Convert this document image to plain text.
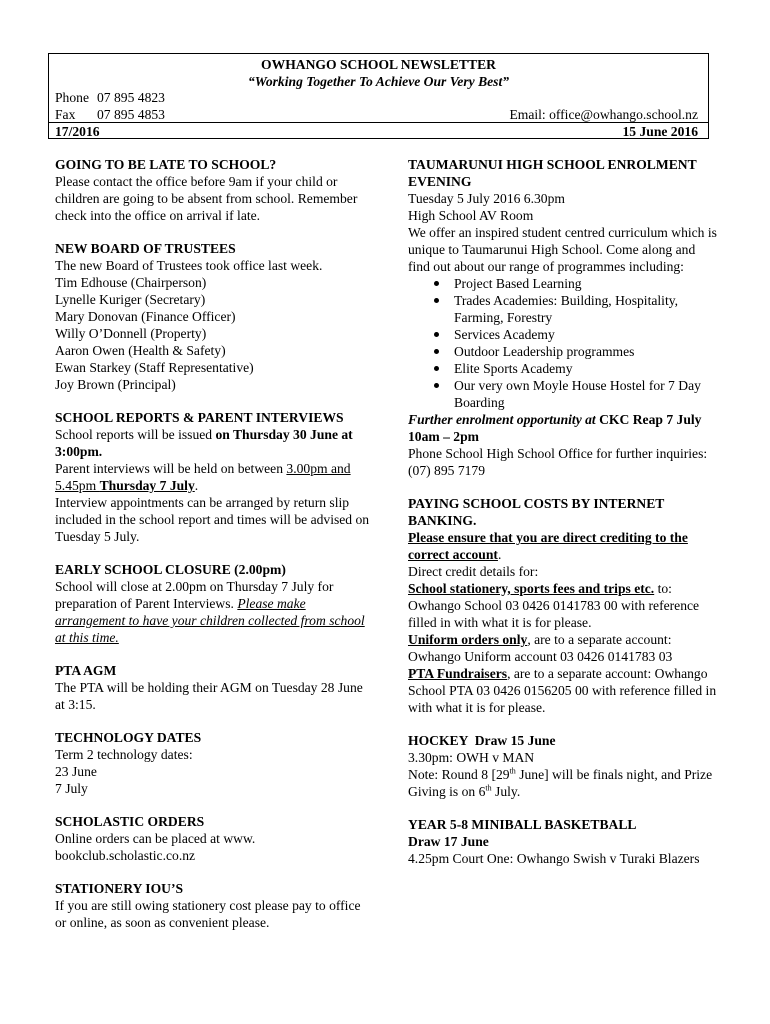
OWHANGO SCHOOL NEWSLETTER
“Working Together To Achieve Our Very Best”
Phone 07 895 4823
Fax 07 895 4853	Email: office@owhango.school.nz
17/2016	15 June 2016
GOING TO BE LATE TO SCHOOL?

Please contact the office before 9am if your child or children are going to be absent from school. Remember check into the office on arrival if late.

NEW BOARD OF TRUSTEES

The new Board of Trustees took office last week.

Tim Edhouse (Chairperson)

Lynelle Kuriger (Secretary)

Mary Donovan (Finance Officer)

Willy O’Donnell (Property)

Aaron Owen (Health & Safety)

Ewan Starkey (Staff Representative)

Joy Brown (Principal)

SCHOOL REPORTS & PARENT INTERVIEWS

School reports will be issued on Thursday 30 June at 3:00pm.

Parent interviews will be held on between 3.00pm and 5.45pm Thursday 7 July.

Interview appointments can be arranged by return slip included in the school report and times will be advised on Tuesday 5 July.

EARLY SCHOOL CLOSURE (2.00pm)

School will close at 2.00pm on Thursday 7 July for preparation of Parent Interviews. Please make arrangement to have your children collected from school at this time.

PTA AGM

The PTA will be holding their AGM on Tuesday 28 June at 3:15.

TECHNOLOGY DATES

Term 2 technology dates:

23 June

7 July

SCHOLASTIC ORDERS

Online orders can be placed at www. bookclub.scholastic.co.nz

STATIONERY IOU’S

If you are still owing stationery cost please pay to office or online, as soon as convenient please.

TAUMARUNUI HIGH SCHOOL ENROLMENT EVENING

Tuesday 5 July 2016 6.30pm

High School AV Room

We offer an inspired student centred curriculum which is unique to Taumarunui High School. Come along and find out about our range of programmes including:

Project Based Learning
Trades Academies: Building, Hospitality, Farming, Forestry
Services Academy
Outdoor Leadership programmes
Elite Sports Academy
Our very own Moyle House Hostel for 7 Day Boarding

Further enrolment opportunity at CKC Reap 7 July 10am – 2pm

Phone School High School Office for further inquiries: (07) 895 7179

PAYING SCHOOL COSTS BY INTERNET BANKING.

Please ensure that you are direct crediting to the correct account.

Direct credit details for:

School stationery, sports fees and trips etc. to: Owhango School 03 0426 0141783 00 with reference filled in with what it is for please.

Uniform orders only, are to a separate account: Owhango Uniform account 03 0426 0141783 03

PTA Fundraisers, are to a separate account: Owhango School PTA 03 0426 0156205 00 with reference filled in with what it is for please.

HOCKEY  Draw 15 June

3.30pm: OWH v MAN

Note: Round 8 [29th June] will be finals night, and Prize Giving is on 6th July.

YEAR 5-8 MINIBALL BASKETBALL

Draw 17 June

4.25pm Court One: Owhango Swish v Turaki Blazers
